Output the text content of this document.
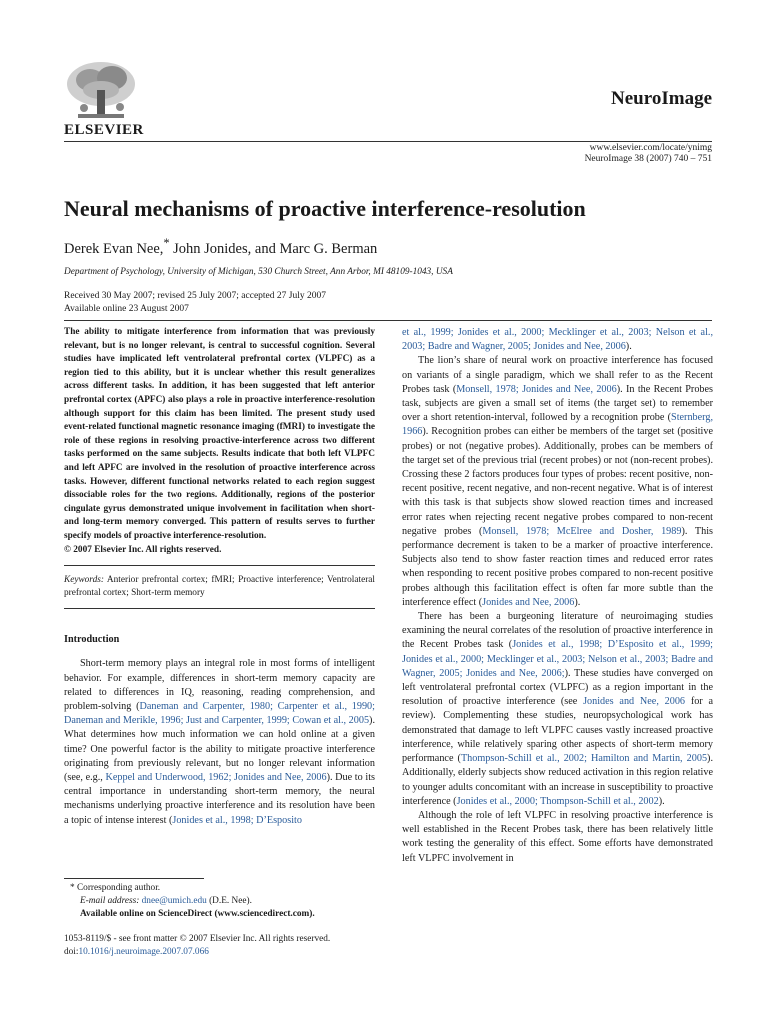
ELSEVIER
NeuroImage
www.elsevier.com/locate/ynimg
NeuroImage 38 (2007) 740 – 751
Neural mechanisms of proactive interference-resolution
Derek Evan Nee,* John Jonides, and Marc G. Berman
Department of Psychology, University of Michigan, 530 Church Street, Ann Arbor, MI 48109-1043, USA
Received 30 May 2007; revised 25 July 2007; accepted 27 July 2007
Available online 23 August 2007

The ability to mitigate interference from information that was previously relevant, but is no longer relevant, is central to successful cognition. Several studies have implicated left ventrolateral prefrontal cortex (VLPFC) as a region tied to this ability, but it is unclear whether this result generalizes across different tasks. In addition, it has been suggested that left anterior prefrontal cortex (APFC) also plays a role in proactive interference-resolution although support for this claim has been limited. The present study used event-related functional magnetic resonance imaging (fMRI) to investigate the role of these regions in resolving proactive-interference across two different tasks performed on the same subjects. Results indicate that both left VLPFC and left APFC are involved in the resolution of proactive interference across tasks. However, different functional networks related to each region suggest dissociable roles for the two regions. Additionally, regions of the posterior cingulate gyrus demonstrated unique involvement in facilitation when short- and long-term memory converged. This pattern of results serves to further specify models of proactive interference-resolution.

© 2007 Elsevier Inc. All rights reserved.

Keywords: Anterior prefrontal cortex; fMRI; Proactive interference; Ventrolateral prefrontal cortex; Short-term memory
Introduction

Short-term memory plays an integral role in most forms of intelligent behavior. For example, differences in short-term memory capacity are related to differences in IQ, reasoning, reading comprehension, and problem-solving (Daneman and Carpenter, 1980; Carpenter et al., 1990; Daneman and Merikle, 1996; Just and Carpenter, 1999; Cowan et al., 2005). What determines how much information we can hold online at a given time? One powerful factor is the ability to mitigate proactive interference originating from previously relevant, but no longer relevant information (see, e.g., Keppel and Underwood, 1962; Jonides and Nee, 2006). Due to its central importance in understanding short-term memory, the neural mechanisms underlying proactive interference and its resolution have been a topic of intense interest (Jonides et al., 1998; D’Esposito

* Corresponding author.
E-mail address: dnee@umich.edu (D.E. Nee).
Available online on ScienceDirect (www.sciencedirect.com).
1053-8119/$ - see front matter © 2007 Elsevier Inc. All rights reserved.
doi:10.1016/j.neuroimage.2007.07.066

et al., 1999; Jonides et al., 2000; Mecklinger et al., 2003; Nelson et al., 2003; Badre and Wagner, 2005; Jonides and Nee, 2006).

The lion’s share of neural work on proactive interference has focused on variants of a single paradigm, which we shall refer to as the Recent Probes task (Monsell, 1978; Jonides and Nee, 2006). In the Recent Probes task, subjects are given a small set of items (the target set) to remember over a short retention-interval, followed by a recognition probe (Sternberg, 1966). Recognition probes can either be members of the target set (positive probes) or not (negative probes). Additionally, probes can be members of the target set of the previous trial (recent probes) or not (non-recent probes). Crossing these 2 factors produces four types of probes: recent positive, non-recent positive, recent negative, and non-recent negative. What is of interest with this task is that subjects show slowed reaction times and increased error rates when rejecting recent negative probes compared to non-recent negative probes (Monsell, 1978; McElree and Dosher, 1989). This performance decrement is taken to be a marker of proactive interference. Subjects also tend to show faster reaction times and reduced error rates when responding to recent positive probes compared to non-recent positive probes although this facilitation effect is often far more subtle than the interference effect (Jonides and Nee, 2006).

There has been a burgeoning literature of neuroimaging studies examining the neural correlates of the resolution of proactive interference in the Recent Probes task (Jonides et al., 1998; D’Esposito et al., 1999; Jonides et al., 2000; Mecklinger et al., 2003; Nelson et al., 2003; Badre and Wagner, 2005; Jonides and Nee, 2006;). These studies have converged on left ventrolateral prefrontal cortex (VLPFC) as a region important in the resolution of proactive interference (see Jonides and Nee, 2006 for a review). Complementing these studies, neuropsychological work has demonstrated that damage to left VLPFC causes vastly increased proactive interference, while relatively sparing other aspects of short-term memory performance (Thompson-Schill et al., 2002; Hamilton and Martin, 2005). Additionally, elderly subjects show reduced activation in this region relative to younger adults concomitant with an increase in susceptibility to proactive interference (Jonides et al., 2000; Thompson-Schill et al., 2002).

Although the role of left VLPFC in resolving proactive interference is well established in the Recent Probes task, there has been relatively little work testing the generality of this effect. Some efforts have demonstrated left VLPFC involvement in
